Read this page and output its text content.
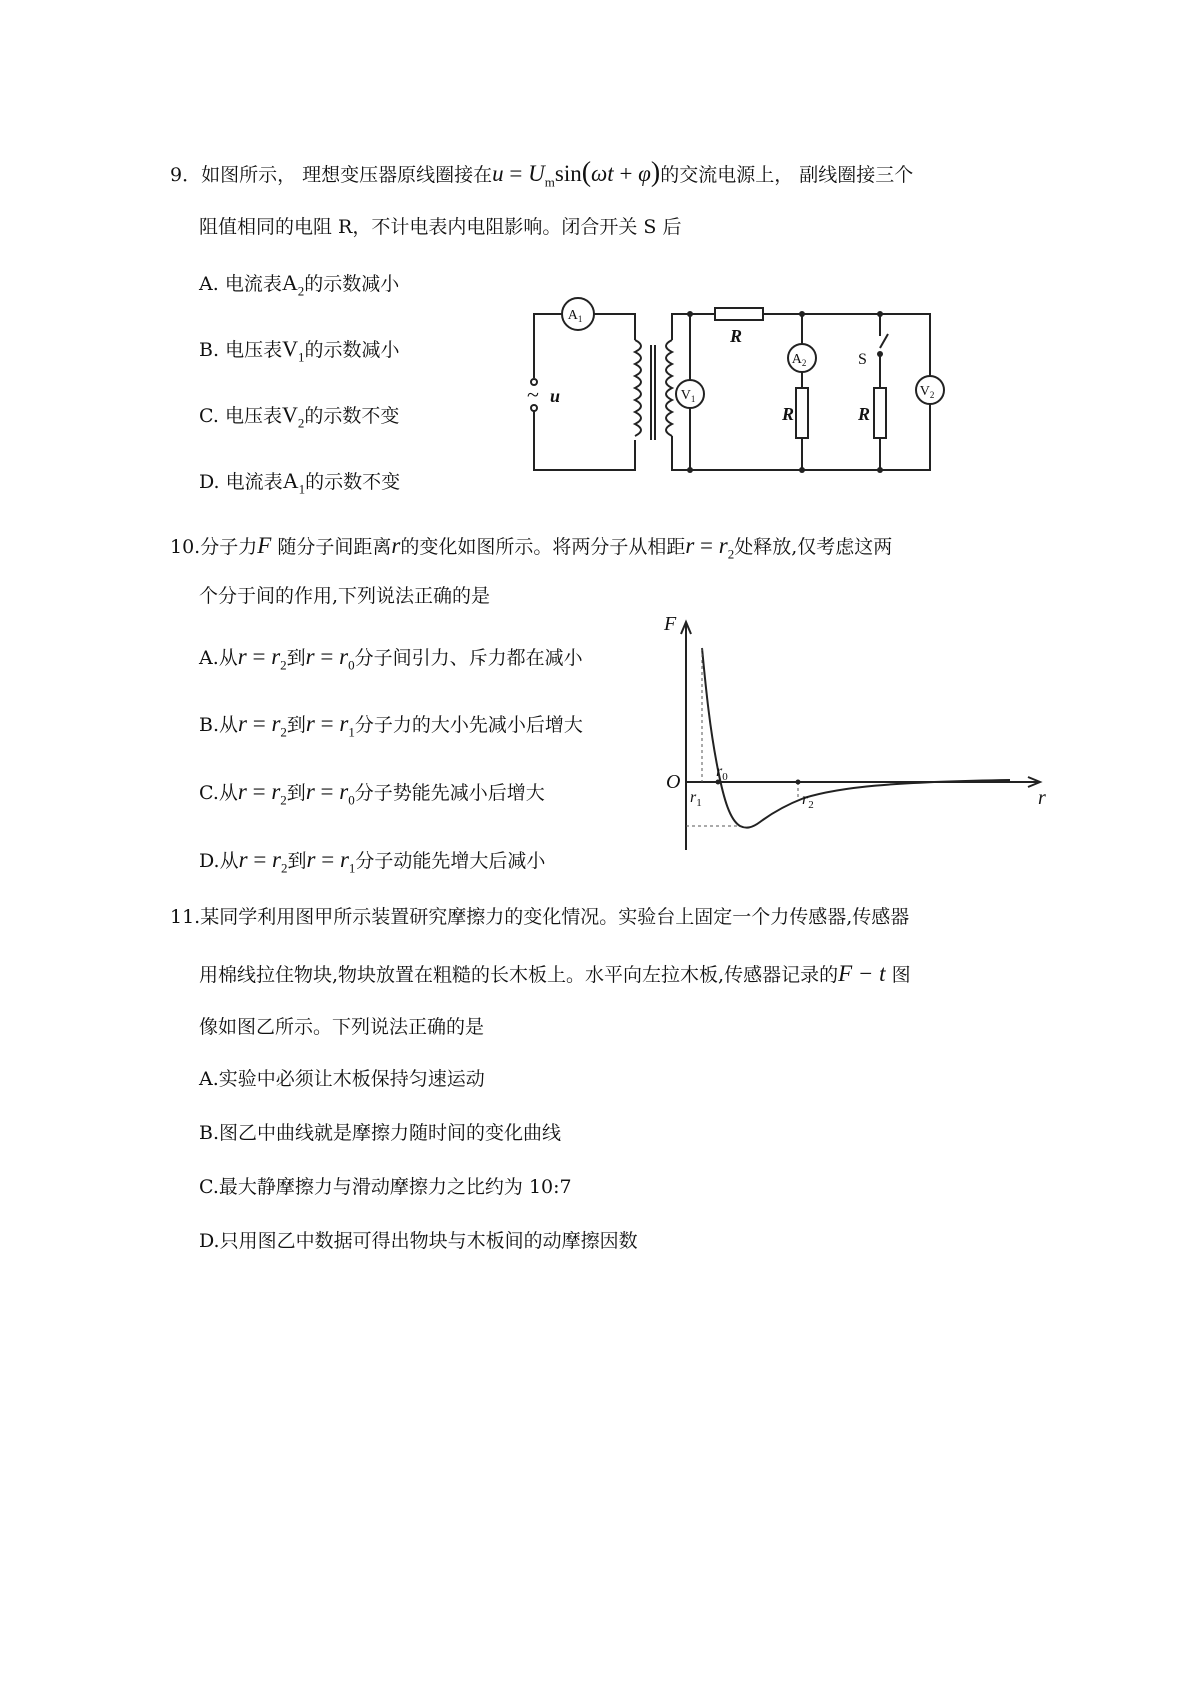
9．如图所示， 理想变压器原线圈接在$u = U_m\sin(\omega t + \varphi)$的交流电源上， 副线圈接三个
阻值相同的电阻 R，不计电表内电阻影响。闭合开关 S 后
A. 电流表$A_2$的示数减小
B. 电压表$V_1$的示数减小
C. 电压表$V_2$的示数不变
D. 电流表$A_1$的示数不变
$A_1$
$V_1$
$A_2$
$V_2$
R
R	R
u
S
~
10.分子力F 随分子间距离r的变化如图所示。将两分子从相距$r = r_2$处释放,仅考虑这两
个分于间的作用,下列说法正确的是
A.从$r = r_2$到$r = r_0$分子间引力、斥力都在减小
B.从$r = r_2$到$r = r_1$分子力的大小先减小后增大
C.从$r = r_2$到$r = r_0$分子势能先减小后增大
D.从$r = r_2$到$r = r_1$分子动能先增大后减小
F
O
r
$r_0$
$r_1$	$r_2$
11.某同学利用图甲所示装置研究摩擦力的变化情况。实验台上固定一个力传感器,传感器
用棉线拉住物块,物块放置在粗糙的长木板上。水平向左拉木板,传感器记录的F − t 图
像如图乙所示。下列说法正确的是
A.实验中必须让木板保持匀速运动
B.图乙中曲线就是摩擦力随时间的变化曲线
C.最大静摩擦力与滑动摩擦力之比约为 10:7
D.只用图乙中数据可得出物块与木板间的动摩擦因数
